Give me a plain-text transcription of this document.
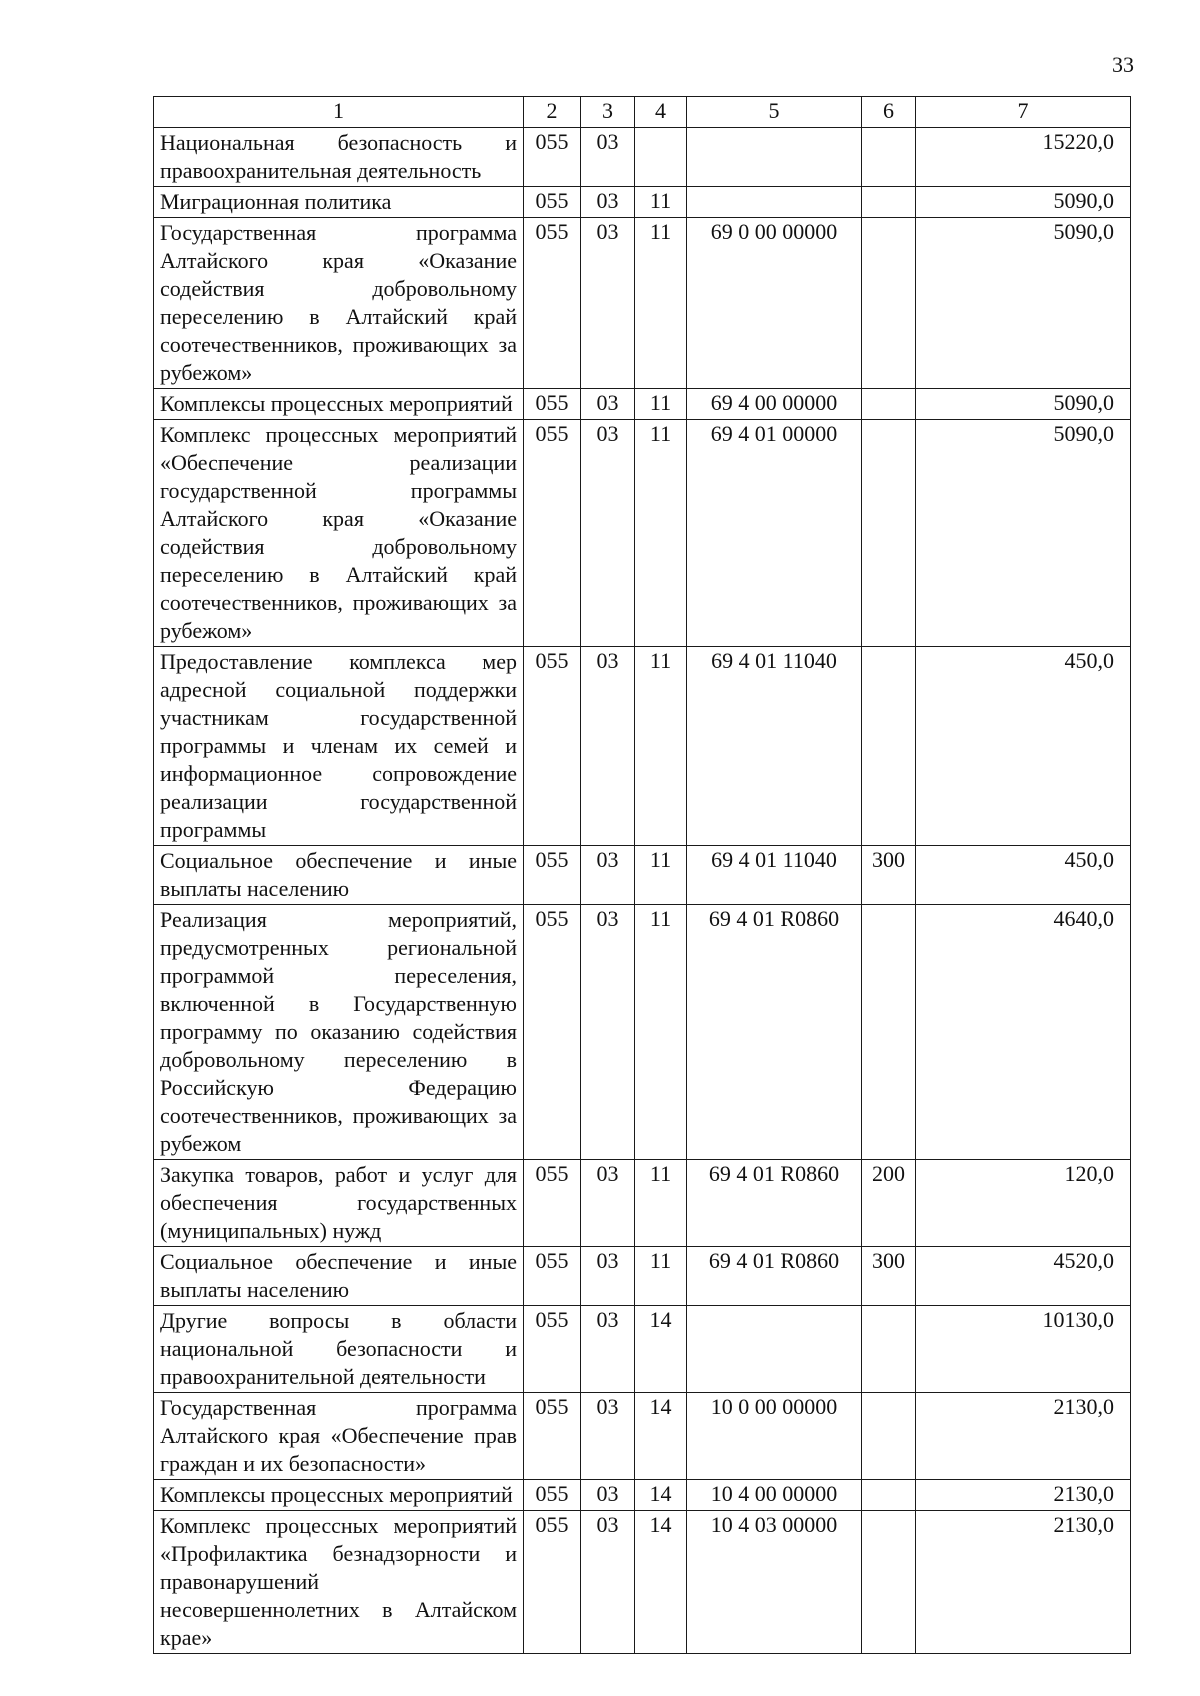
33
1	2	3	4	5	6	7
Национальная безопасность и правоохранительная деятельность	055	03				15220,0
Миграционная политика	055	03	11			5090,0
Государственная программа Алтайского края «Оказание содействия добровольному переселению в Алтайский край соотечественников, проживающих за рубежом»	055	03	11	69 0 00 00000		5090,0
Комплексы процессных мероприятий	055	03	11	69 4 00 00000		5090,0
Комплекс процессных мероприятий «Обеспечение реализации государственной программы Алтайского края «Оказание содействия добровольному переселению в Алтайский край соотечественников, проживающих за рубежом»	055	03	11	69 4 01 00000		5090,0
Предоставление комплекса мер адресной социальной поддержки участникам государственной программы и членам их семей и информационное сопровождение реализации государственной программы	055	03	11	69 4 01 11040		450,0
Социальное обеспечение и иные выплаты населению	055	03	11	69 4 01 11040	300	450,0
Реализация мероприятий, предусмотренных региональной программой переселения, включенной в Государственную программу по оказанию содействия добровольному переселению в Российскую Федерацию соотечественников, проживающих за рубежом	055	03	11	69 4 01 R0860		4640,0
Закупка товаров, работ и услуг для обеспечения государственных (муниципальных) нужд	055	03	11	69 4 01 R0860	200	120,0
Социальное обеспечение и иные выплаты населению	055	03	11	69 4 01 R0860	300	4520,0
Другие вопросы в области национальной безопасности и правоохранительной деятельности	055	03	14			10130,0
Государственная программа Алтайского края «Обеспечение прав граждан и их безопасности»	055	03	14	10 0 00 00000		2130,0
Комплексы процессных мероприятий	055	03	14	10 4 00 00000		2130,0
Комплекс процессных мероприятий «Профилактика безнадзорности и правонарушений несовершеннолетних в Алтайском крае»	055	03	14	10 4 03 00000		2130,0
